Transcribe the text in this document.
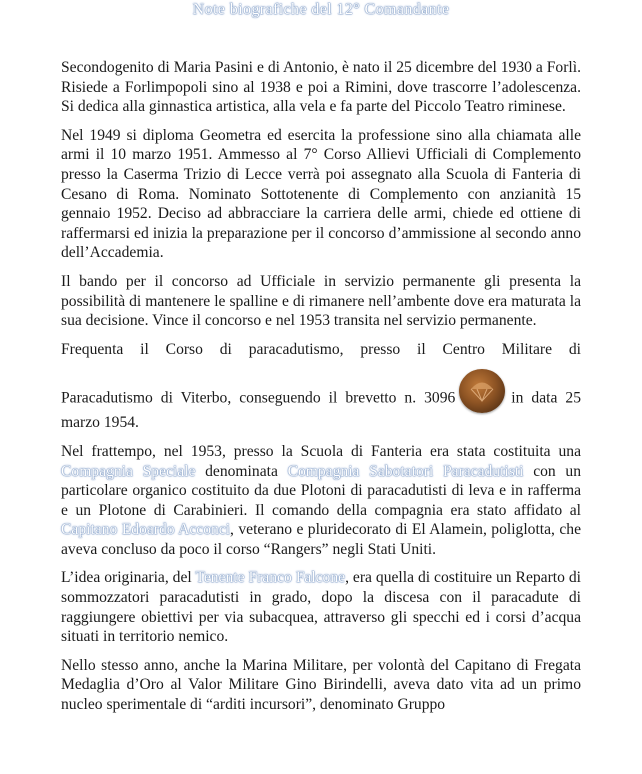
Note biografiche del 12° Comandante

Secondogenito di Maria Pasini e di Antonio, è nato il 25 dicembre del 1930 a Forlì. Risiede a Forlimpopoli sino al 1938 e poi a Rimini, dove trascorre l’adolescenza. Si dedica alla ginnastica artistica, alla vela e fa parte del Piccolo Teatro riminese.

Nel 1949 si diploma Geometra ed esercita la professione sino alla chiamata alle armi il 10 marzo 1951. Ammesso al 7° Corso Allievi Ufficiali di Complemento presso la Caserma Trizio di Lecce verrà poi assegnato alla Scuola di Fanteria di Cesano di Roma. Nominato Sottotenente di Complemento con anzianità 15 gennaio 1952. Deciso ad abbracciare la carriera delle armi, chiede ed ottiene di raffermarsi ed inizia la preparazione per il concorso d’ammissione al secondo anno dell’Accademia.

Il bando per il concorso ad Ufficiale in servizio permanente gli presenta la possibilità di mantenere le spalline e di rimanere nell’ambente dove era maturata la sua decisione. Vince il concorso e nel 1953 transita nel servizio permanente.

Frequenta il Corso di paracadutismo, presso il Centro Militare di

Paracadutismo di Viterbo, conseguendo il brevetto n. 3096	in data 25 marzo 1954.

Nel frattempo, nel 1953, presso la Scuola di Fanteria era stata costituita una Compagnia Speciale denominata Compagnia Sabotatori Paracadutisti con un particolare organico costituito da due Plotoni di paracadutisti di leva e in rafferma e un Plotone di Carabinieri. Il comando della compagnia era stato affidato al Capitano Edoardo Acconci, veterano e pluridecorato di El Alamein, poliglotta, che aveva concluso da poco il corso “Rangers” negli Stati Uniti.

L’idea originaria, del Tenente Franco Falcone, era quella di costituire un Reparto di sommozzatori paracadutisti in grado, dopo la discesa con il paracadute di raggiungere obiettivi per via subacquea, attraverso gli specchi ed i corsi d’acqua situati in territorio nemico.

Nello stesso anno, anche la Marina Militare, per volontà del Capitano di Fregata Medaglia d’Oro al Valor Militare Gino Birindelli, aveva dato vita ad un primo nucleo sperimentale di “arditi incursori”, denominato Gruppo
